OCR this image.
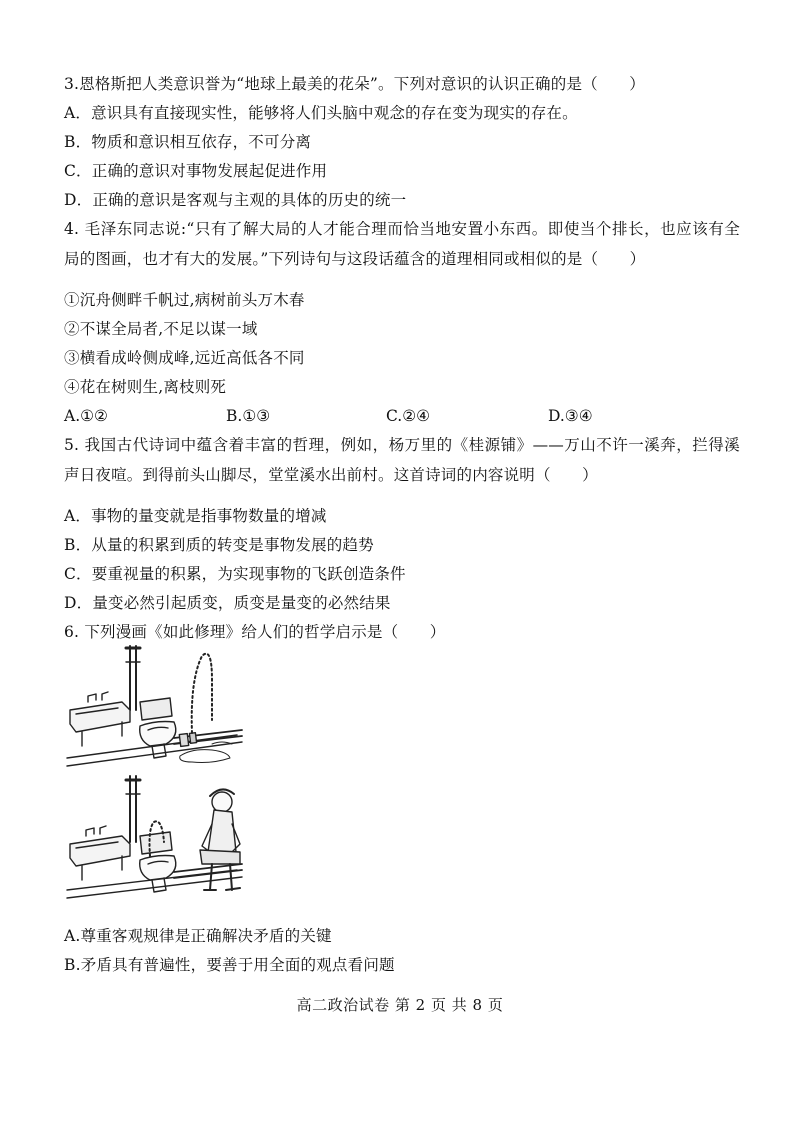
3.恩格斯把人类意识誉为“地球上最美的花朵”。下列对意识的认识正确的是（　　）
A．意识具有直接现实性，能够将人们头脑中观念的存在变为现实的存在。
B．物质和意识相互依存，不可分离
C．正确的意识对事物发展起促进作用
D．正确的意识是客观与主观的具体的历史的统一
4. 毛泽东同志说:“只有了解大局的人才能合理而恰当地安置小东西。即使当个排长，也应该有全局的图画，也才有大的发展。”下列诗句与这段话蕴含的道理相同或相似的是（　　）
①沉舟侧畔千帆过,病树前头万木春
②不谋全局者,不足以谋一域
③横看成岭侧成峰,远近高低各不同
④花在树则生,离枝则死
A.①②	B.①③	C.②④	D.③④
5. 我国古代诗词中蕴含着丰富的哲理，例如，杨万里的《桂源铺》——万山不许一溪奔，拦得溪声日夜喧。到得前头山脚尽，堂堂溪水出前村。这首诗词的内容说明（　　）
A．事物的量变就是指事物数量的增减
B．从量的积累到质的转变是事物发展的趋势
C．要重视量的积累，为实现事物的飞跃创造条件
D．量变必然引起质变，质变是量变的必然结果
6. 下列漫画《如此修理》给人们的哲学启示是（　　）
A.尊重客观规律是正确解决矛盾的关键
B.矛盾具有普遍性，要善于用全面的观点看问题
高二政治试卷 第 2 页 共 8 页
